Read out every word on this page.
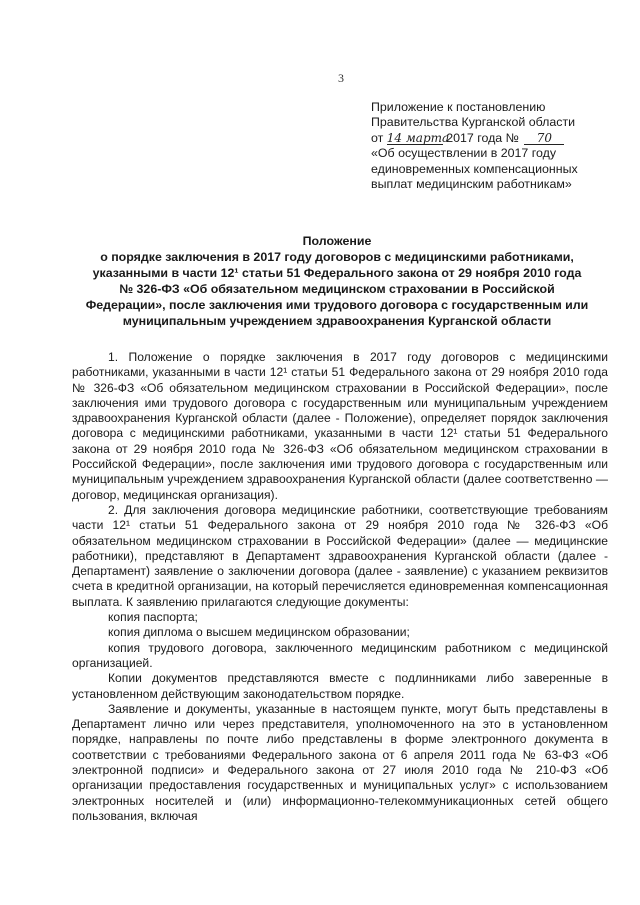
3
Приложение к постановлению
Правительства Курганской области
от 14 марта 2017 года № 70
«Об осуществлении в 2017 году
единовременных компенсационных
выплат медицинским работникам»
Положение
о порядке заключения в 2017 году договоров с медицинскими работниками,
указанными в части 12¹ статьи 51 Федерального закона от 29 ноября 2010 года
№ 326-ФЗ «Об обязательном медицинском страховании в Российской
Федерации», после заключения ими трудового договора с государственным или
муниципальным учреждением здравоохранения Курганской области

1. Положение о порядке заключения в 2017 году договоров с медицинскими работниками, указанными в части 12¹ статьи 51 Федерального закона от 29 ноября 2010 года № 326-ФЗ «Об обязательном медицинском страховании в Российской Федерации», после заключения ими трудового договора с государственным или муниципальным учреждением здравоохранения Курганской области (далее - Положение), определяет порядок заключения договора с медицинскими работниками, указанными в части 12¹ статьи 51 Федерального закона от 29 ноября 2010 года № 326-ФЗ «Об обязательном медицинском страховании в Российской Федерации», после заключения ими трудового договора с государственным или муниципальным учреждением здравоохранения Курганской области (далее соответственно — договор, медицинская организация).

2. Для заключения договора медицинские работники, соответствующие требованиям части 12¹ статьи 51 Федерального закона от 29 ноября 2010 года № 326-ФЗ «Об обязательном медицинском страховании в Российской Федерации» (далее — медицинские работники), представляют в Департамент здравоохранения Курганской области (далее - Департамент) заявление о заключении договора (далее - заявление) с указанием реквизитов счета в кредитной организации, на который перечисляется единовременная компенсационная выплата. К заявлению прилагаются следующие документы:

копия паспорта;

копия диплома о высшем медицинском образовании;

копия трудового договора, заключенного медицинским работником с медицинской организацией.

Копии документов представляются вместе с подлинниками либо заверенные в установленном действующим законодательством порядке.

Заявление и документы, указанные в настоящем пункте, могут быть представлены в Департамент лично или через представителя, уполномоченного на это в установленном порядке, направлены по почте либо представлены в форме электронного документа в соответствии с требованиями Федерального закона от 6 апреля 2011 года № 63-ФЗ «Об электронной подписи» и Федерального закона от 27 июля 2010 года № 210-ФЗ «Об организации предоставления государственных и муниципальных услуг» с использованием электронных носителей и (или) информационно-телекоммуникационных сетей общего пользования, включая
